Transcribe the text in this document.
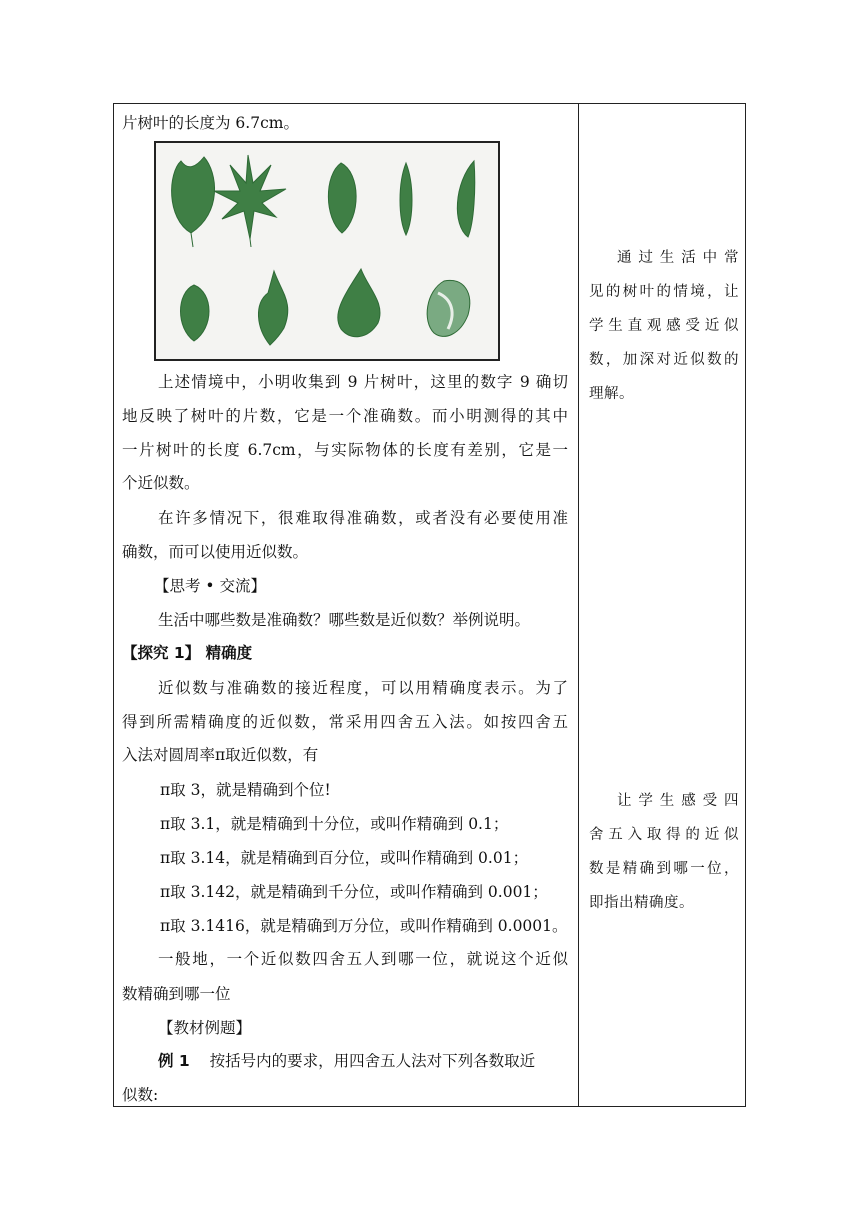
片树叶的长度为 6.7cm。
上述情境中，小明收集到 9 片树叶，这里的数字 9 确切
地反映了树叶的片数，它是一个准确数。而小明测得的其中
一片树叶的长度 6.7cm，与实际物体的长度有差别，它是一
个近似数。
在许多情况下，很难取得准确数，或者没有必要使用准
确数，而可以使用近似数。
【思考 • 交流】
生活中哪些数是准确数？哪些数是近似数？举例说明。
【探究 1】 精确度
近似数与准确数的接近程度，可以用精确度表示。为了
得到所需精确度的近似数，常采用四舍五入法。如按四舍五
入法对圆周率π取近似数，有
π取 3，就是精确到个位!
π取 3.1，就是精确到十分位，或叫作精确到 0.1；
π取 3.14，就是精确到百分位，或叫作精确到 0.01；
π取 3.142，就是精确到千分位，或叫作精确到 0.001；
π取 3.1416，就是精确到万分位，或叫作精确到 0.0001。
一般地，一个近似数四舍五人到哪一位，就说这个近似
数精确到哪一位
【教材例题】
例 1 按括号内的要求，用四舍五人法对下列各数取近
似数:
通过生活中常
见的树叶的情境，让
学生直观感受近似
数，加深对近似数的
理解。
让学生感受四
舍五入取得的近似
数是精确到哪一位，
即指出精确度。
